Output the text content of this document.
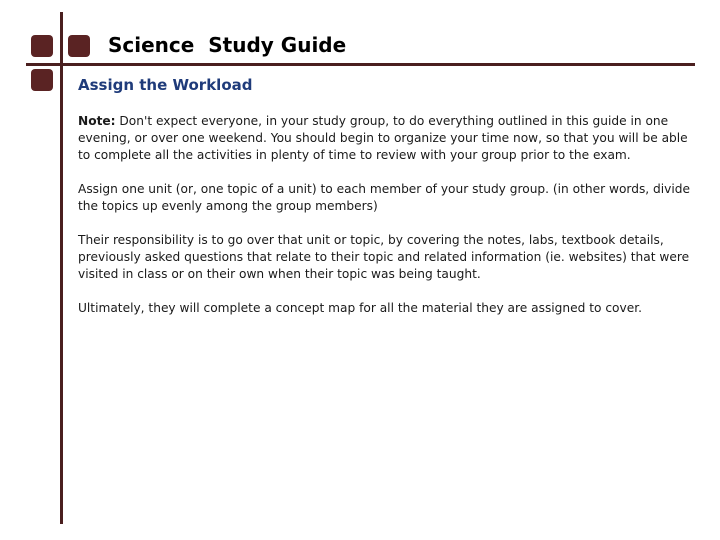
Science  Study Guide
Assign the Workload

Note: Don't expect everyone, in your study group, to do everything outlined in this guide in one evening, or over one weekend. You should begin to organize your time now, so that you will be able to complete all the activities in plenty of time to review with your group prior to the exam.

Assign one unit (or, one topic of a unit) to each member of your study group. (in other words, divide the topics up evenly among the group members)

Their responsibility is to go over that unit or topic, by covering the notes, labs, textbook details, previously asked questions that relate to their topic and related information (ie. websites) that were visited in class or on their own when their topic was being taught.

Ultimately, they will complete a concept map for all the material they are assigned to cover.
